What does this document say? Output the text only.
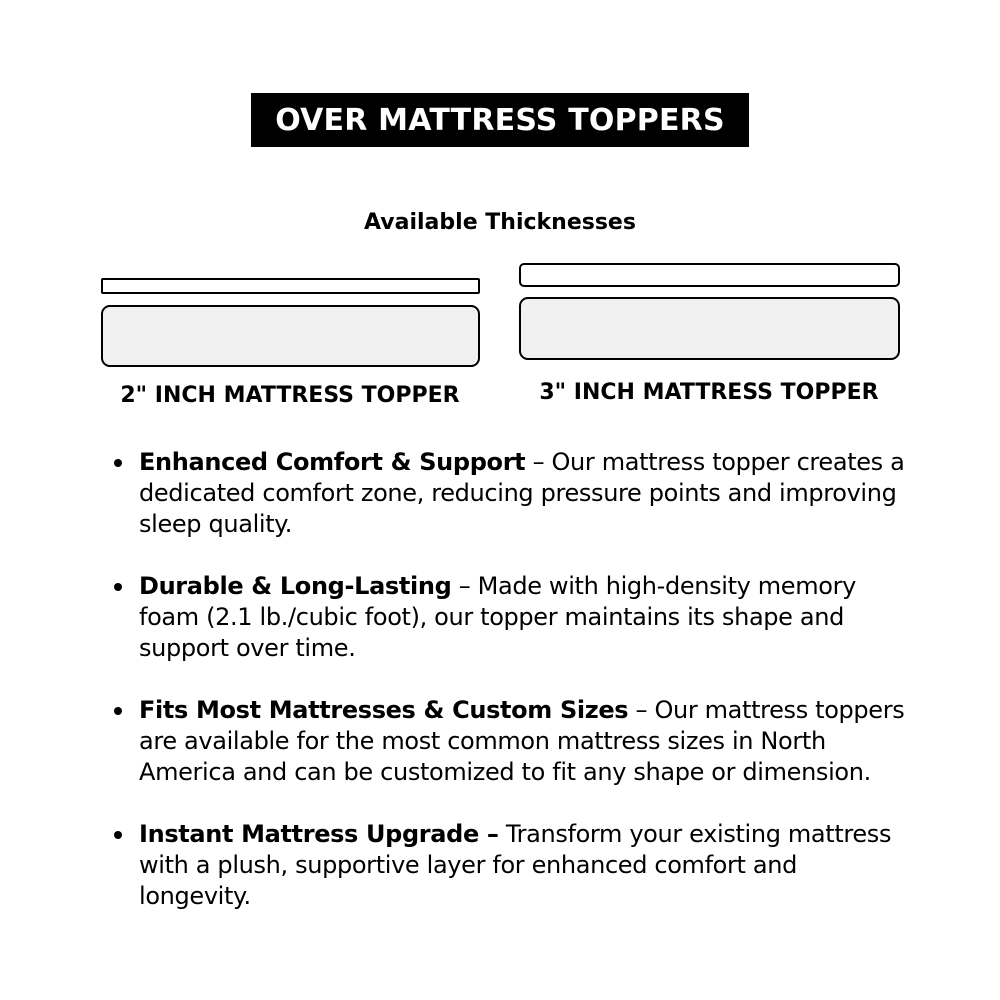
OVER MATTRESS TOPPERS
Available Thicknesses
2" INCH MATTRESS TOPPER	3" INCH MATTRESS TOPPER
Enhanced Comfort & Support – Our mattress topper creates a dedicated comfort zone, reducing pressure points and improving sleep quality.
Durable & Long-Lasting – Made with high-density memory foam (2.1 lb./cubic foot), our topper maintains its shape and support over time.
Fits Most Mattresses & Custom Sizes – Our mattress toppers are available for the most common mattress sizes in North America and can be customized to fit any shape or dimension.
Instant Mattress Upgrade – Transform your existing mattress with a plush, supportive layer for enhanced comfort and longevity.
